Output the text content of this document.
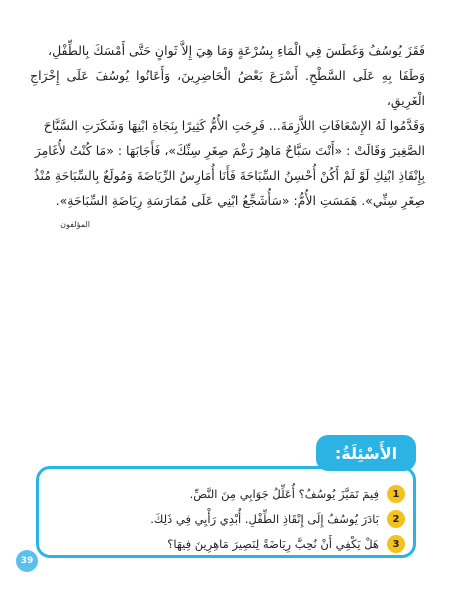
فَقَزَ يُوسُفُ وَغَطَسَ فِي الْمَاءِ بِسُرْعَةٍ وَمَا هِيَ إِلاَّ ثَوانٍ حَتَّى أَمْسَكَ بِالطِّفْلِ،

وَطَفَا بِهِ عَلَى السَّطْحِ. أَسْرَعَ بَعْضُ الْحَاضِرِينَ، وَأَعَانُوا يُوسُفَ عَلَى إِخْرَاجِ الْغَرِيقِ،

وَقَدَّمُوا لَهُ الإِسْعَافَاتِ اللاَّزِمَةَ... فَرِحَتِ الأُمُّ كَثِيرًا بِنَجَاةِ ابْنِهَا وَشَكَرَتِ السَّبَّاحَ

الصَّغِيرَ وَقَالَتْ : «أَنْتَ سَبَّاحٌ مَاهِرٌ رَغْمَ صِغَرِ سِنِّكَ»، فَأَجَابَهَا : «مَا كُنْتُ لأُغَامِرَ

بِإِنْقَاذِ ابْنِكِ لَوْ لَمْ أَكُنْ أُحْسِنُ السِّبَاحَةَ فَأَنَا أُمَارِسُ الرِّيَاضَةَ وَمُولَعٌ بِالسِّبَاحَةِ مُنْذُ

صِغَرِ سِنِّي». هَمَسَتِ الأُمُّ: «سَأُشَجِّعُ ابْنِي عَلَى مُمَارَسَةِ رِيَاضَةِ السِّبَاحَةِ».

المؤلفون
1
فِيمَ تَمَيَّزَ يُوسُفُ؟ أُعَلِّلُ جَوَابِي مِنَ النَّصِّ.
2
بَادَرَ يُوسُفُ إِلَى إِنْقَاذِ الطِّفْلِ. أُبْدِي رَأْيِي فِي ذَلِكَ.
3
هَلْ يَكْفِي أَنْ نُحِبَّ رِيَاضَةً لِنَصِيرَ مَاهِرِينَ فِيهَا؟
الأَسْئِلَةُ:
39
